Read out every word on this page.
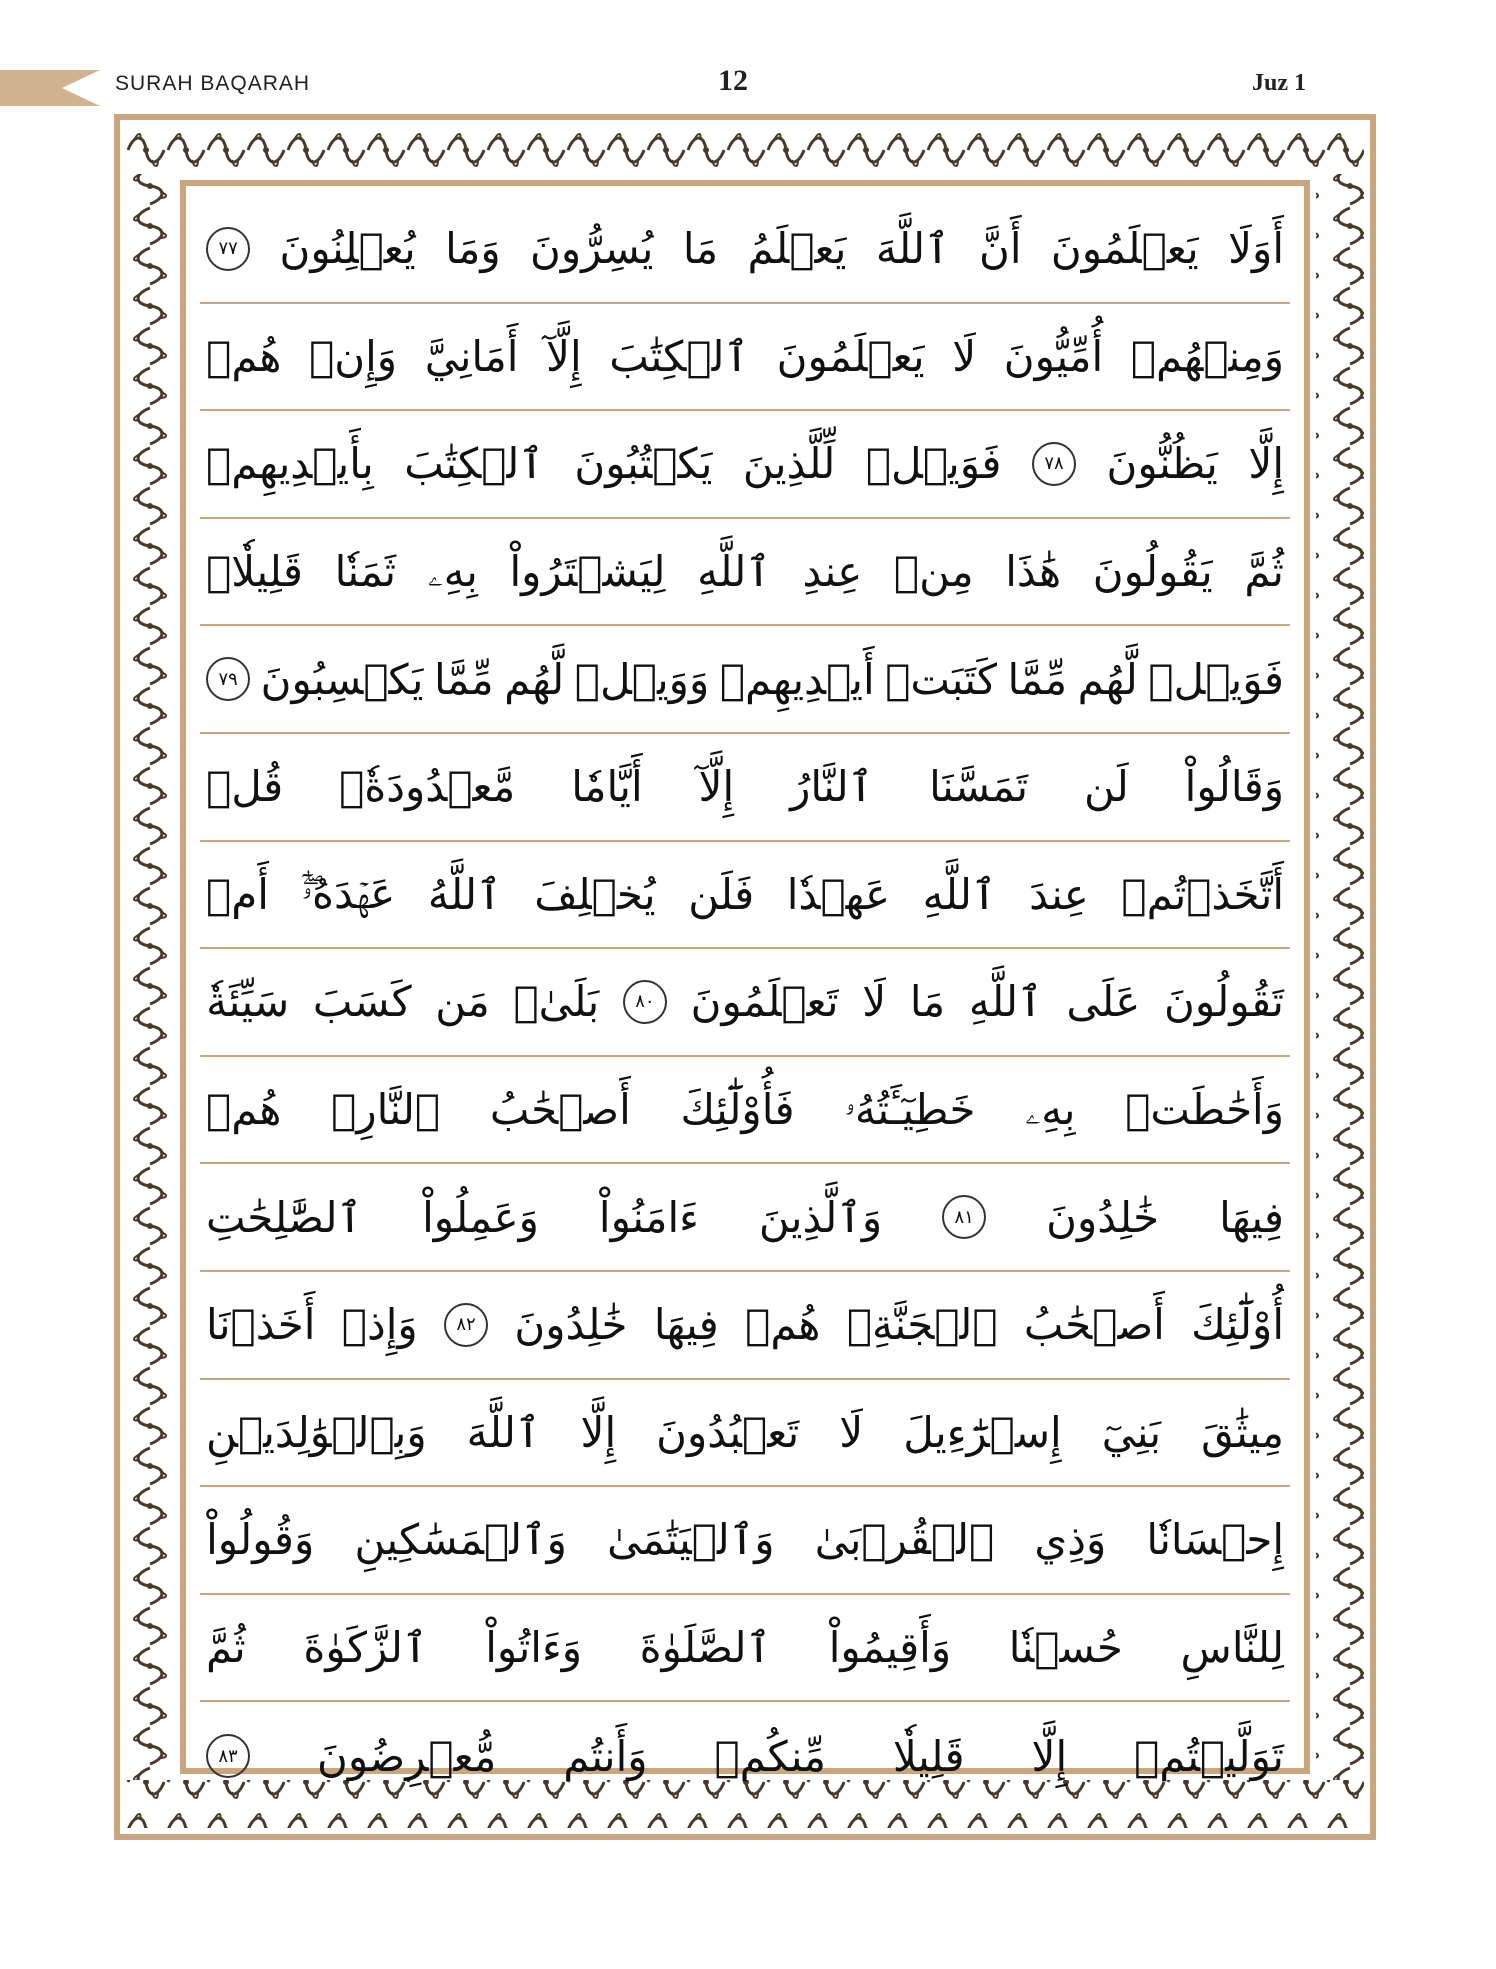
SURAH BAQARAH	12	Juz 1
أَوَلَا
يَعۡلَمُونَ
أَنَّ
ٱللَّهَ
يَعۡلَمُ
مَا
يُسِرُّونَ
وَمَا
يُعۡلِنُونَ
٧٧
وَمِنۡهُمۡ
أُمِّيُّونَ
لَا
يَعۡلَمُونَ
ٱلۡكِتَٰبَ
إِلَّآ
أَمَانِيَّ
وَإِنۡ
هُمۡ
إِلَّا
يَظُنُّونَ
٧٨
فَوَيۡلٞ
لِّلَّذِينَ
يَكۡتُبُونَ
ٱلۡكِتَٰبَ
بِأَيۡدِيهِمۡ
ثُمَّ
يَقُولُونَ
هَٰذَا
مِنۡ
عِندِ
ٱللَّهِ
لِيَشۡتَرُواْ
بِهِۦ
ثَمَنٗا
قَلِيلٗاۖ
فَوَيۡلٞ
لَّهُم
مِّمَّا
كَتَبَتۡ
أَيۡدِيهِمۡ
وَوَيۡلٞ
لَّهُم
مِّمَّا
يَكۡسِبُونَ
٧٩
وَقَالُواْ
لَن
تَمَسَّنَا
ٱلنَّارُ
إِلَّآ
أَيَّامٗا
مَّعۡدُودَةٗۚ
قُلۡ
أَتَّخَذۡتُمۡ
عِندَ
ٱللَّهِ
عَهۡدٗا
فَلَن
يُخۡلِفَ
ٱللَّهُ
عَهۡدَهُۥٓۖ
أَمۡ
تَقُولُونَ
عَلَى
ٱللَّهِ
مَا
لَا
تَعۡلَمُونَ
٨٠
بَلَىٰۚ
مَن
كَسَبَ
سَيِّئَةٗ
وَأَحَٰطَتۡ
بِهِۦ
خَطِيٓـَٔتُهُۥ
فَأُوْلَٰٓئِكَ
أَصۡحَٰبُ
ٱلنَّارِۖ
هُمۡ
فِيهَا
خَٰلِدُونَ
٨١
وَٱلَّذِينَ
ءَامَنُواْ
وَعَمِلُواْ
ٱلصَّٰلِحَٰتِ
أُوْلَٰٓئِكَ
أَصۡحَٰبُ
ٱلۡجَنَّةِۖ
هُمۡ
فِيهَا
خَٰلِدُونَ
٨٢
وَإِذۡ
أَخَذۡنَا
مِيثَٰقَ
بَنِيٓ
إِسۡرَٰٓءِيلَ
لَا
تَعۡبُدُونَ
إِلَّا
ٱللَّهَ
وَبِٱلۡوَٰلِدَيۡنِ
إِحۡسَانٗا
وَذِي
ٱلۡقُرۡبَىٰ
وَٱلۡيَتَٰمَىٰ
وَٱلۡمَسَٰكِينِ
وَقُولُواْ
لِلنَّاسِ
حُسۡنٗا
وَأَقِيمُواْ
ٱلصَّلَوٰةَ
وَءَاتُواْ
ٱلزَّكَوٰةَ
ثُمَّ
تَوَلَّيۡتُمۡ
إِلَّا
قَلِيلٗا
مِّنكُمۡ
وَأَنتُم
مُّعۡرِضُونَ
٨٣
